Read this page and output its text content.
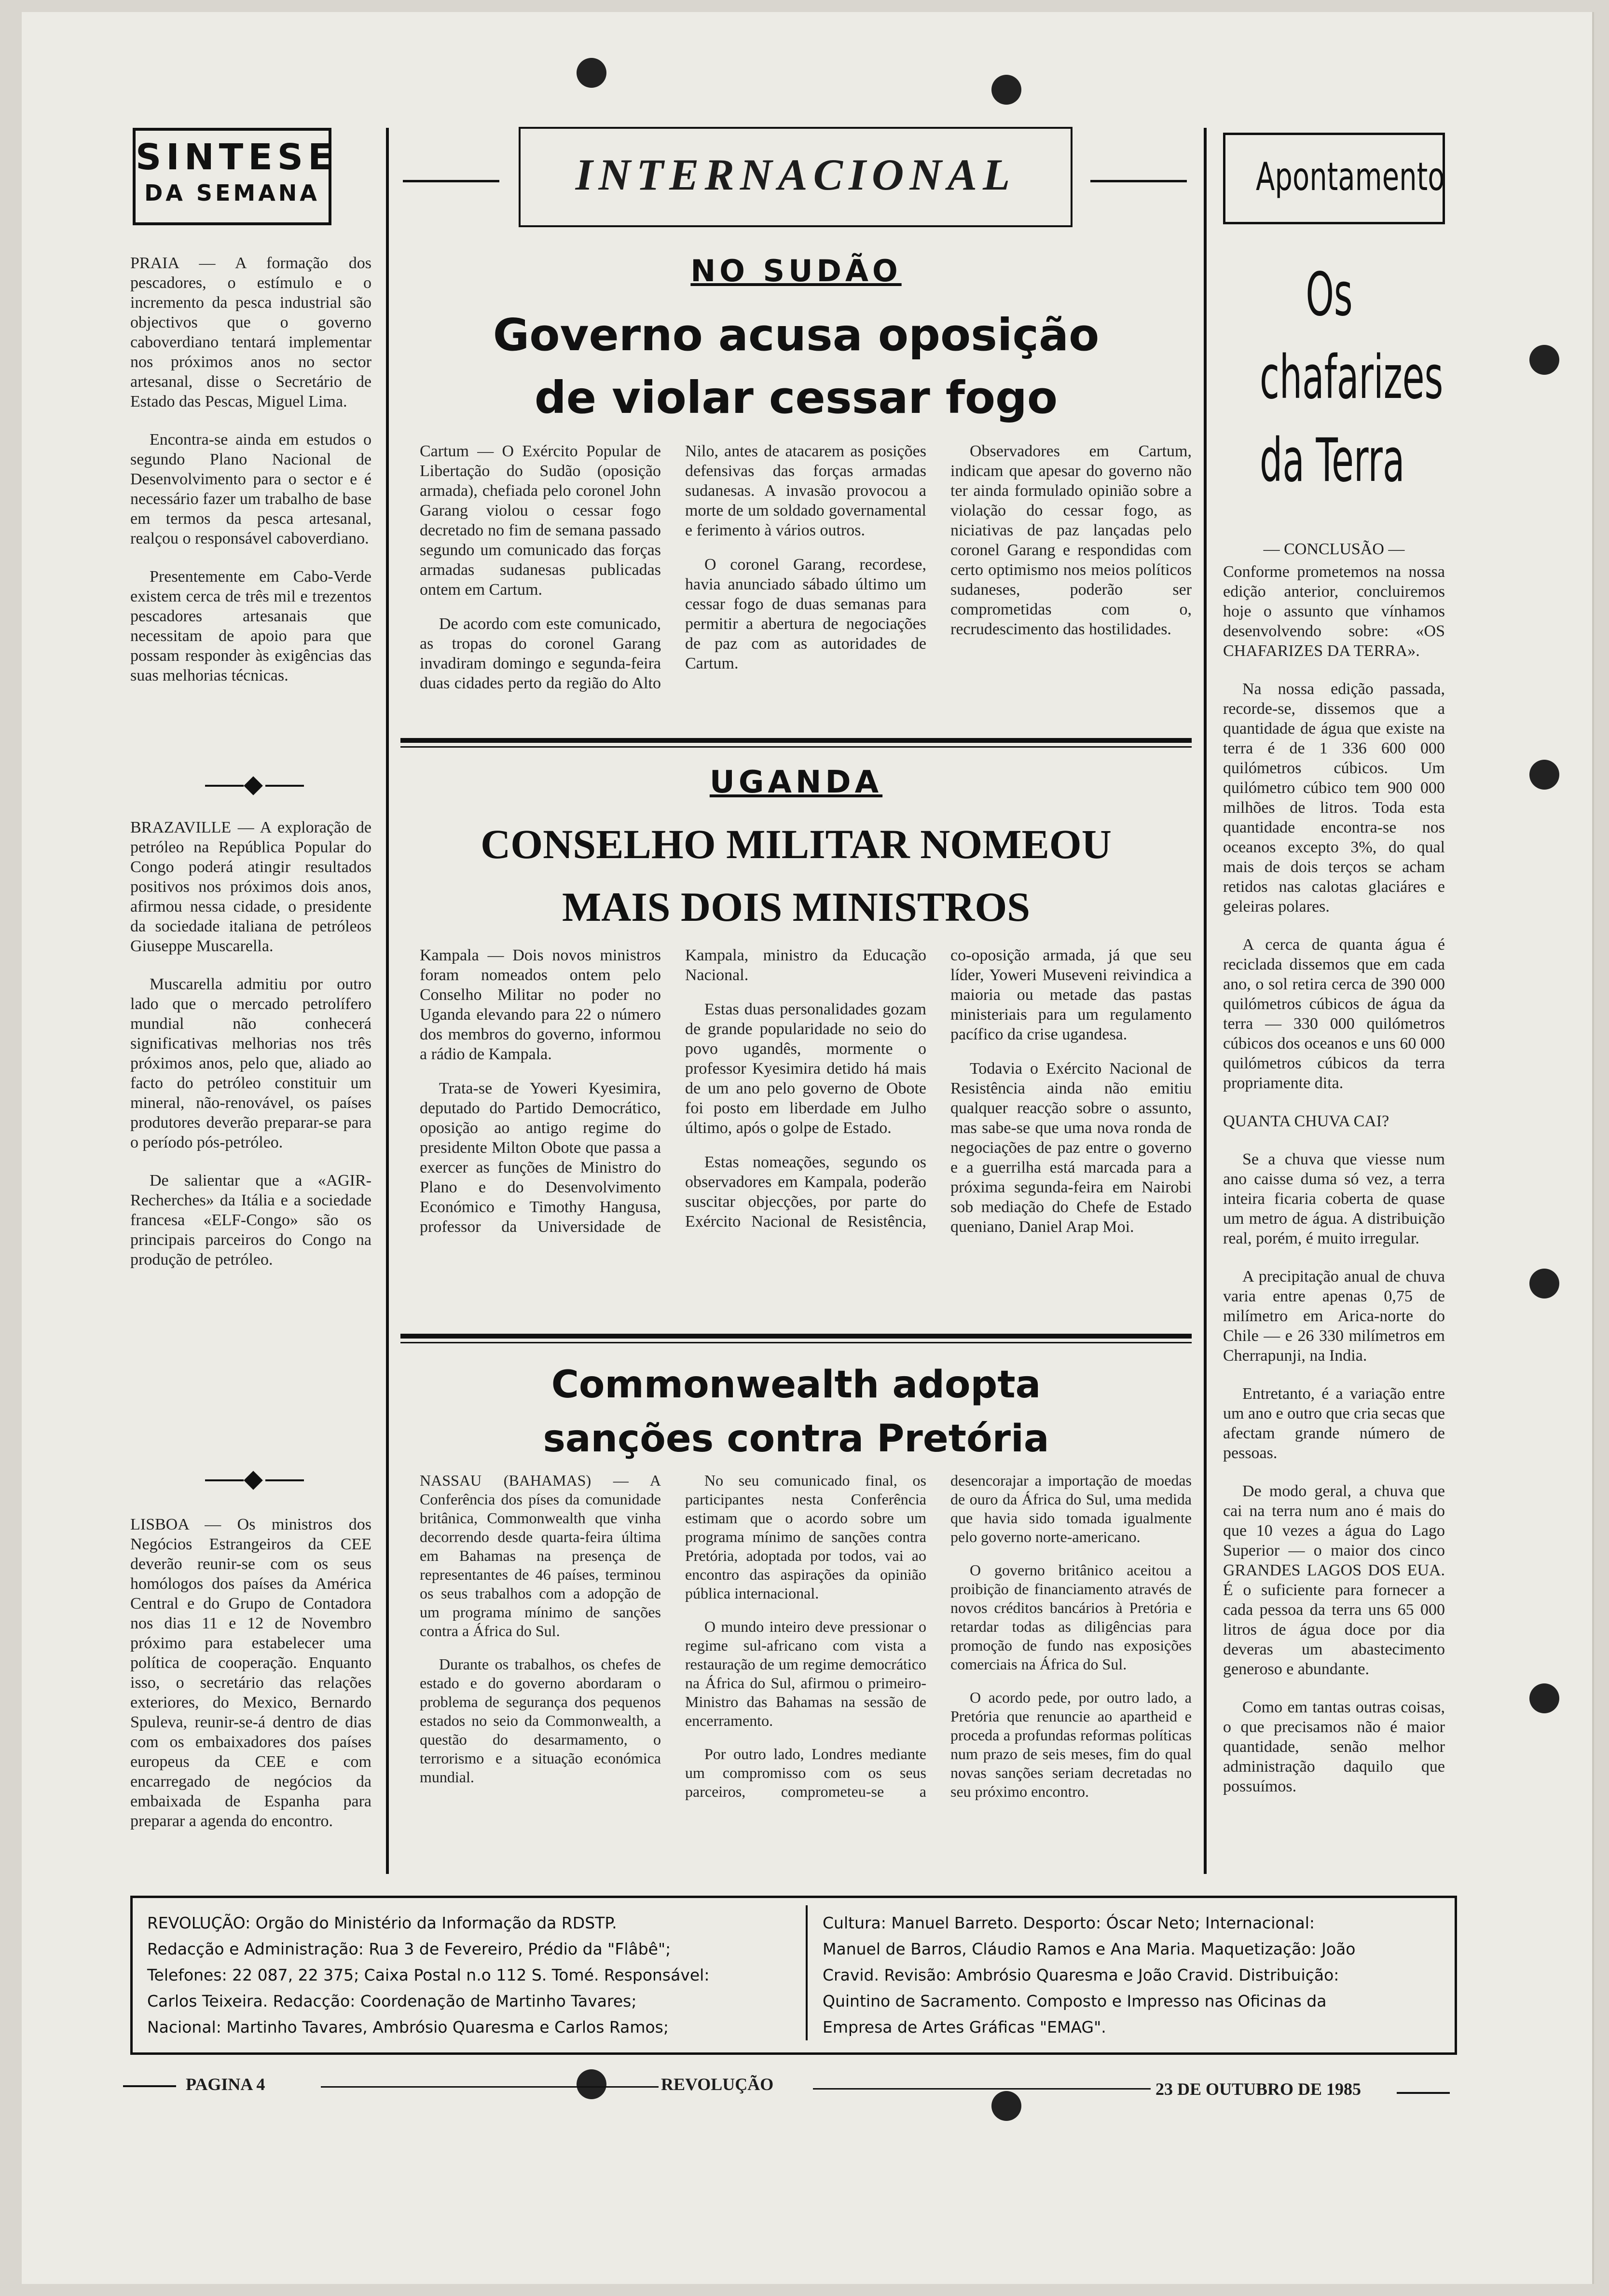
SINTESE
DA SEMANA	INTERNACIONAL	Apontamento

PRAIA — A formação dos pescadores, o estímulo e o incremento da pesca industrial são objectivos que o governo caboverdiano tentará implementar nos próximos anos no sector artesanal, disse o Secretário de Estado das Pescas, Miguel Lima.

Encontra-se ainda em estudos o segundo Plano Nacional de Desenvolvimento para o sector e é necessário fazer um trabalho de base em termos da pesca artesanal, realçou o responsável caboverdiano.

Presentemente em Cabo-Verde existem cerca de três mil e trezentos pescadores artesanais que necessitam de apoio para que possam responder às exigências das suas melhorias técnicas.

BRAZAVILLE — A exploração de petróleo na República Popular do Congo poderá atingir resultados positivos nos próximos dois anos, afirmou nessa cidade, o presidente da sociedade italiana de petróleos Giuseppe Muscarella.

Muscarella admitiu por outro lado que o mercado petrolífero mundial não conhecerá significativas melhorias nos três próximos anos, pelo que, aliado ao facto do petróleo constituir um mineral, não-renovável, os países produtores deverão preparar-se para o período pós-petróleo.

De salientar que a «AGIR-Recherches» da Itália e a sociedade francesa «ELF-Congo» são os principais parceiros do Congo na produção de petróleo.

LISBOA — Os ministros dos Negócios Estrangeiros da CEE deverão reunir-se com os seus homólogos dos países da América Central e do Grupo de Contadora nos dias 11 e 12 de Novembro próximo para estabelecer uma política de cooperação. Enquanto isso, o secretário das relações exteriores, do Mexico, Bernardo Spuleva, reunir-se-á dentro de dias com os embaixadores dos países europeus da CEE e com encarregado de negócios da embaixada de Espanha para preparar a agenda do encontro.

NO SUDÃO
Governo acusa oposição
de violar cessar fogo

Cartum — O Exército Popular de Libertação do Sudão (oposição armada), chefiada pelo coronel John Garang violou o cessar fogo decretado no fim de semana passado segundo um comunicado das forças armadas sudanesas publicadas ontem em Cartum.

De acordo com este comunicado, as tropas do coronel Garang invadiram domingo e segunda-feira duas cidades perto da região do Alto Nilo, antes de atacarem as posições defensivas das forças armadas sudanesas. A invasão provocou a morte de um soldado governamental e ferimento à vários outros.

O coronel Garang, recordese, havia anunciado sábado último um cessar fogo de duas semanas para permitir a abertura de negociações de paz com as autoridades de Cartum.

Observadores em Cartum, indicam que apesar do governo não ter ainda formulado opinião sobre a violação do cessar fogo, as niciativas de paz lançadas pelo coronel Garang e respondidas com certo optimismo nos meios políticos sudaneses, poderão ser comprometidas com o, recrudescimento das hostilidades.

UGANDA
CONSELHO MILITAR NOMEOU
MAIS DOIS MINISTROS

Kampala — Dois novos ministros foram nomeados ontem pelo Conselho Militar no poder no Uganda elevando para 22 o número dos membros do governo, informou a rádio de Kampala.

Trata-se de Yoweri Kyesimira, deputado do Partido Democrático, oposição ao antigo regime do presidente Milton Obote que passa a exercer as funções de Ministro do Plano e do Desenvolvimento Económico e Timothy Hangusa, professor da Universidade de Kampala, ministro da Educação Nacional.

Estas duas personalidades gozam de grande popularidade no seio do povo ugandês, mormente o professor Kyesimira detido há mais de um ano pelo governo de Obote foi posto em liberdade em Julho último, após o golpe de Estado.

Estas nomeações, segundo os observadores em Kampala, poderão suscitar objecções, por parte do Exército Nacional de Resistência, co-oposição armada, já que seu líder, Yoweri Museveni reivindica a maioria ou metade das pastas ministeriais para um regulamento pacífico da crise ugandesa.

Todavia o Exército Nacional de Resistência ainda não emitiu qualquer reacção sobre o assunto, mas sabe-se que uma nova ronda de negociações de paz entre o governo e a guerrilha está marcada para a próxima segunda-feira em Nairobi sob mediação do Chefe de Estado queniano, Daniel Arap Moi.

Commonwealth adopta
sanções contra Pretória

NASSAU (BAHAMAS) — A Conferência dos píses da comunidade britânica, Commonwealth que vinha decorrendo desde quarta-feira última em Bahamas na presença de representantes de 46 países, terminou os seus trabalhos com a adopção de um programa mínimo de sanções contra a África do Sul.

Durante os trabalhos, os chefes de estado e do governo abordaram o problema de segurança dos pequenos estados no seio da Commonwealth, a questão do desarmamento, o terrorismo e a situação económica mundial.

No seu comunicado final, os participantes nesta Conferência estimam que o acordo sobre um programa mínimo de sanções contra Pretória, adoptada por todos, vai ao encontro das aspirações da opinião pública internacional.

O mundo inteiro deve pressionar o regime sul-africano com vista a restauração de um regime democrático na África do Sul, afirmou o primeiro-Ministro das Bahamas na sessão de encerramento.

Por outro lado, Londres mediante um compromisso com os seus parceiros, comprometeu-se a desencorajar a importação de moedas de ouro da África do Sul, uma medida que havia sido tomada igualmente pelo governo norte-americano.

O governo britânico aceitou a proibição de financiamento através de novos créditos bancários à Pretória e retardar todas as diligências para promoção de fundo nas exposições comerciais na África do Sul.

O acordo pede, por outro lado, a Pretória que renuncie ao apartheid e proceda a profundas reformas políticas num prazo de seis meses, fim do qual novas sanções seriam decretadas no seu próximo encontro.

Os
chafarizes
da Terra
— CONCLUSÃO —

Conforme prometemos na nossa edição anterior, concluiremos hoje o assunto que vínhamos desenvolvendo sobre: «OS CHAFARIZES DA TERRA».

Na nossa edição passada, recorde-se, dissemos que a quantidade de água que existe na terra é de 1 336 600 000 quilómetros cúbicos. Um quilómetro cúbico tem 900 000 milhões de litros. Toda esta quantidade encontra-se nos oceanos excepto 3%, do qual mais de dois terços se acham retidos nas calotas glaciáres e geleiras polares.

A cerca de quanta água é reciclada dissemos que em cada ano, o sol retira cerca de 390 000 quilómetros cúbicos de água da terra — 330 000 quilómetros cúbicos dos oceanos e uns 60 000 quilómetros cúbicos da terra propriamente dita.

QUANTA CHUVA CAI?

Se a chuva que viesse num ano caisse duma só vez, a terra inteira ficaria coberta de quase um metro de água. A distribuição real, porém, é muito irregular.

A precipitação anual de chuva varia entre apenas 0,75 de milímetro em Arica-norte do Chile — e 26 330 milímetros em Cherrapunji, na India.

Entretanto, é a variação entre um ano e outro que cria secas que afectam grande número de pessoas.

De modo geral, a chuva que cai na terra num ano é mais do que 10 vezes a água do Lago Superior — o maior dos cinco GRANDES LAGOS DOS EUA. É o suficiente para fornecer a cada pessoa da terra uns 65 000 litros de água doce por dia deveras um abastecimento generoso e abundante.

Como em tantas outras coisas, o que precisamos não é maior quantidade, senão melhor administração daquilo que possuímos.

REVOLUÇÃO: Orgão do Ministério da Informação da RDSTP.
Redacção e Administração: Rua 3 de Fevereiro, Prédio da "Flâbê";
Telefones: 22 087, 22 375; Caixa Postal n.o 112 S. Tomé. Responsável:
Carlos Teixeira. Redacção: Coordenação de Martinho Tavares;
Nacional: Martinho Tavares, Ambrósio Quaresma e Carlos Ramos;
Cultura: Manuel Barreto. Desporto: Óscar Neto; Internacional:
Manuel de Barros, Cláudio Ramos e Ana Maria. Maquetização: João
Cravid. Revisão: Ambrósio Quaresma e João Cravid. Distribuição:
Quintino de Sacramento. Composto e Impresso nas Oficinas da
Empresa de Artes Gráficas "EMAG".
PAGINA 4	REVOLUÇÃO	23 DE OUTUBRO DE 1985
